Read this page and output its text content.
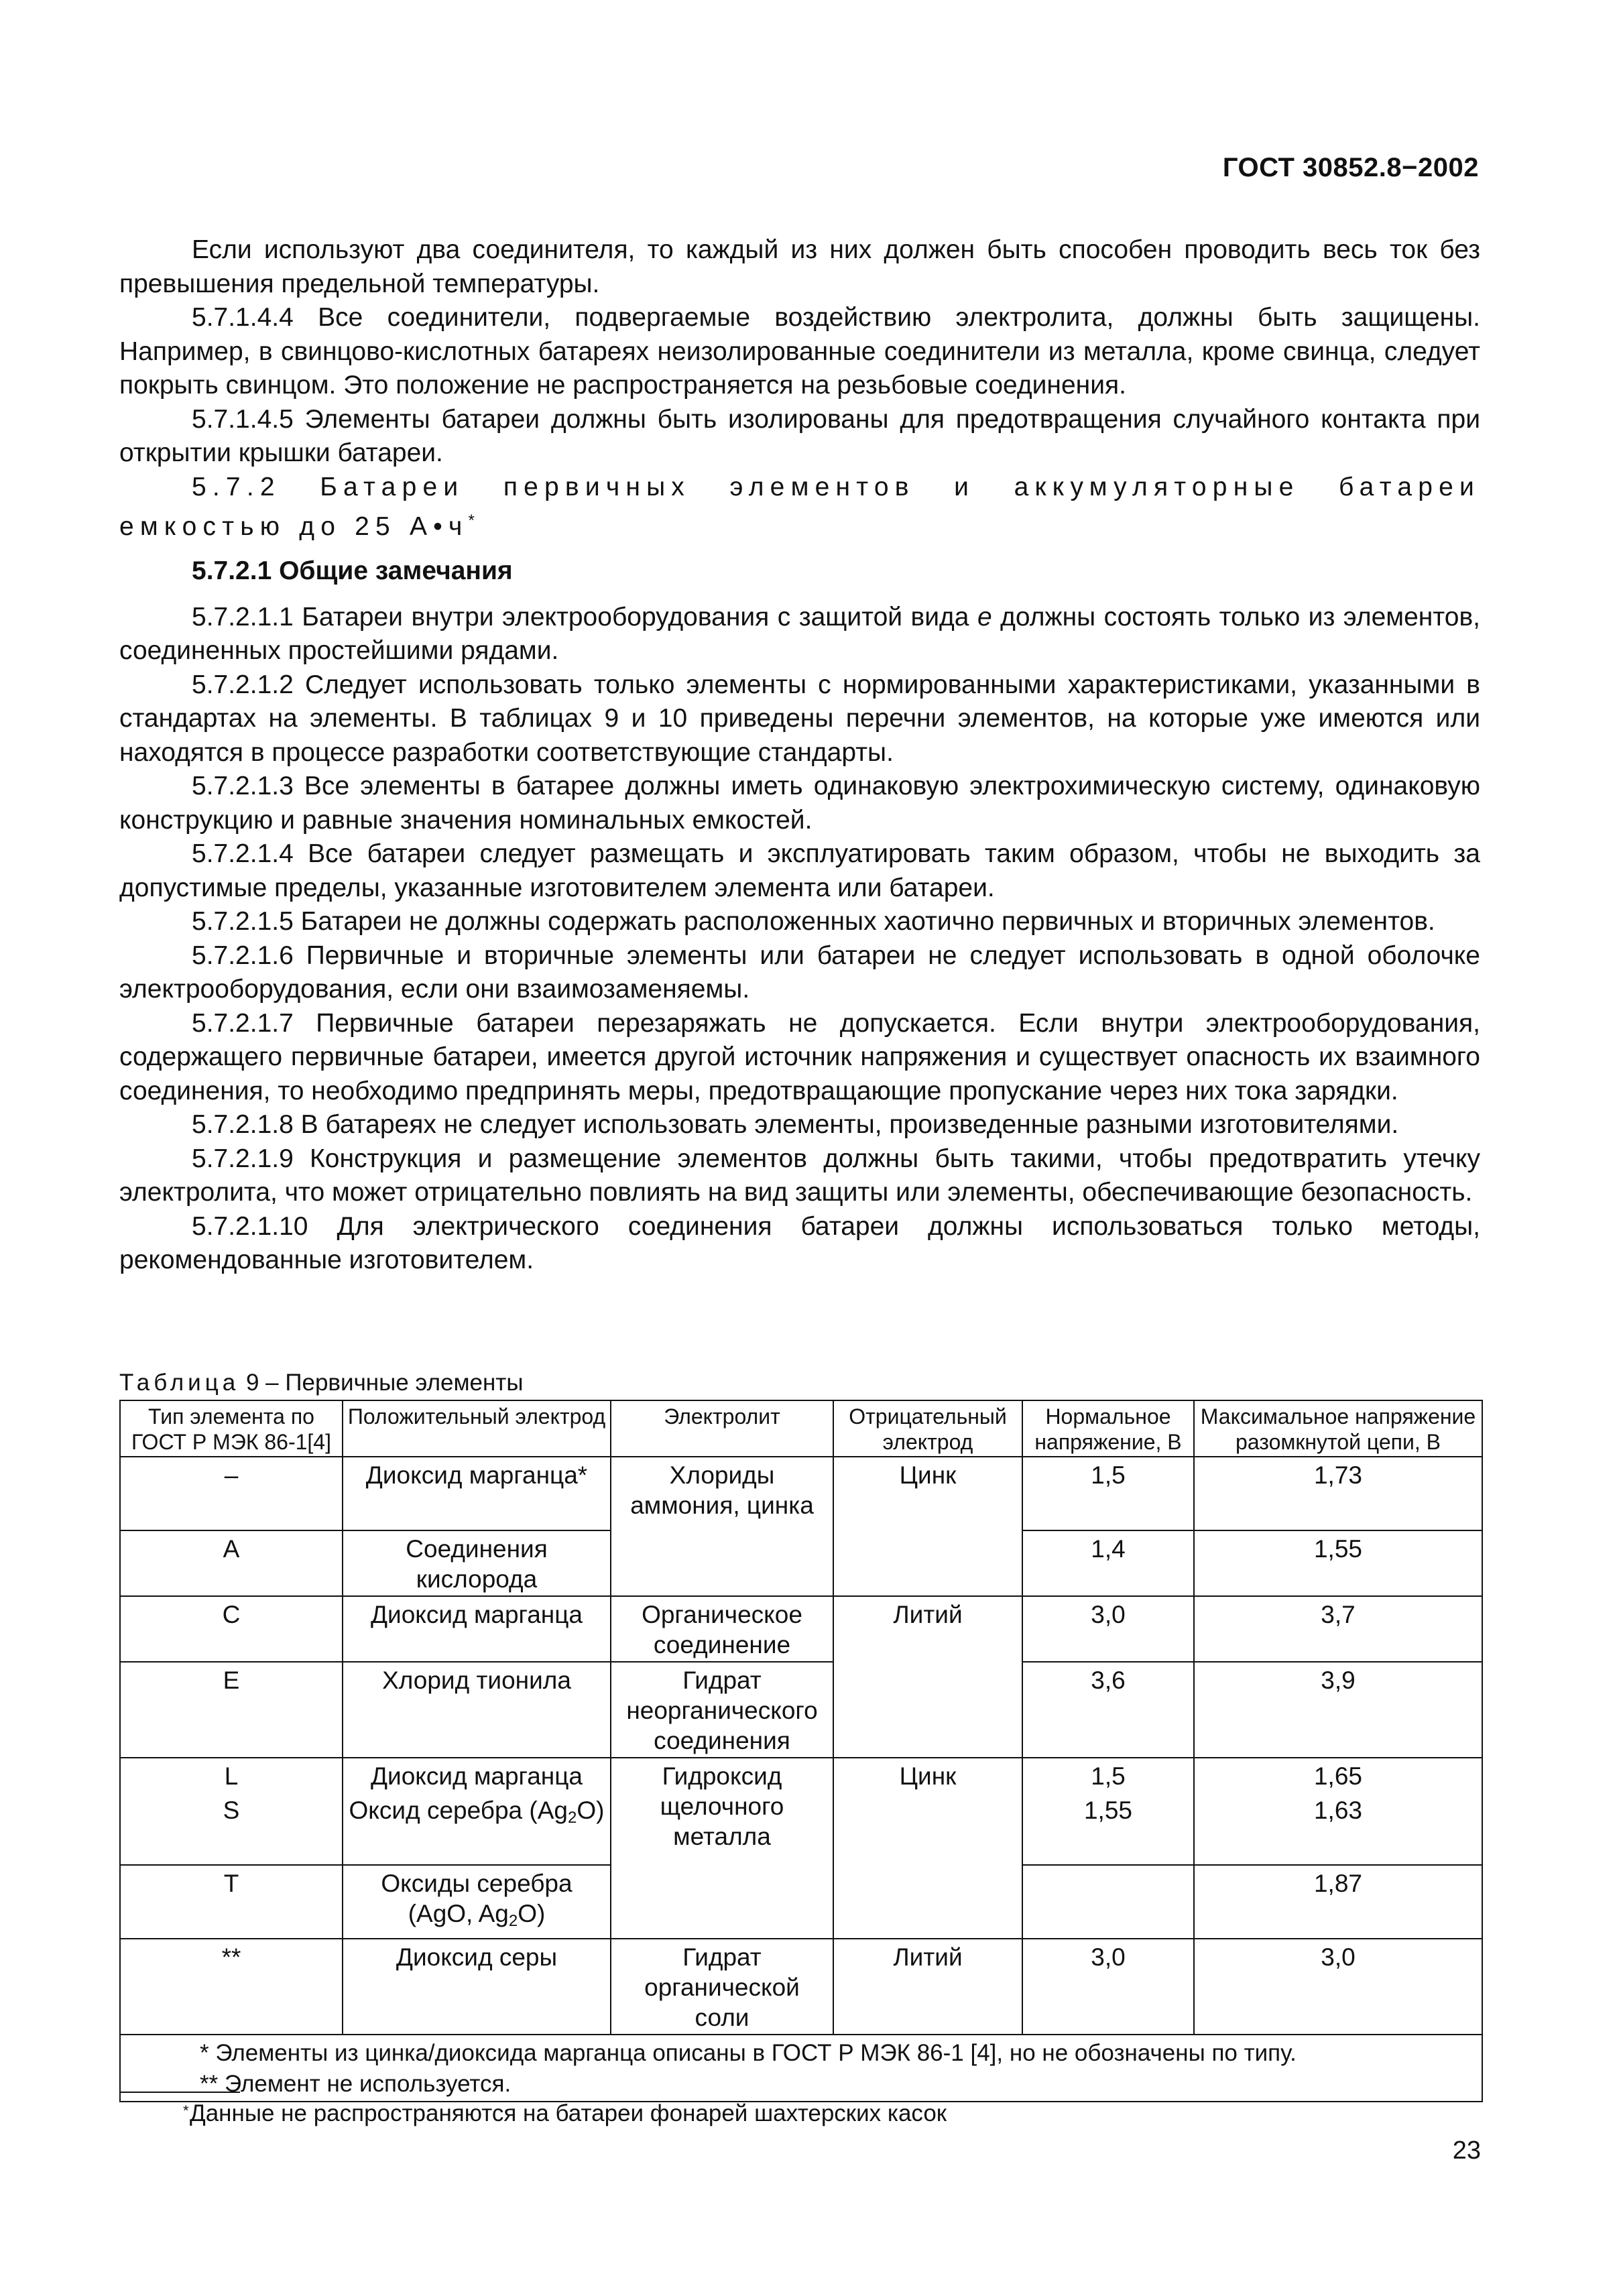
ГОСТ 30852.8−2002

Если используют два соединителя, то каждый из них должен быть способен проводить весь ток без превышения предельной температуры.

5.7.1.4.4 Все соединители, подвергаемые воздействию электролита, должны быть защищены. Например, в свинцово-кислотных батареях неизолированные соединители из металла, кроме свинца, следует покрыть свинцом. Это положение не распространяется на резьбовые соединения.

5.7.1.4.5 Элементы батареи должны быть изолированы для предотвращения случайного контакта при открытии крышки батареи.

5.7.2 Батареи первичных элементов и аккумуляторные батареи емкостью до 25 А•ч*

5.7.2.1 Общие замечания

5.7.2.1.1 Батареи внутри электрооборудования с защитой вида е должны состоять только из элементов, соединенных простейшими рядами.

5.7.2.1.2 Следует использовать только элементы с нормированными характеристиками, указанными в стандартах на элементы. В таблицах 9 и 10 приведены перечни элементов, на которые уже имеются или находятся в процессе разработки соответствующие стандарты.

5.7.2.1.3 Все элементы в батарее должны иметь одинаковую электрохимическую систему, одинаковую конструкцию и равные значения номинальных емкостей.

5.7.2.1.4 Все батареи следует размещать и эксплуатировать таким образом, чтобы не выходить за допустимые пределы, указанные изготовителем элемента или батареи.

5.7.2.1.5 Батареи не должны содержать расположенных хаотично первичных и вторичных элементов.

5.7.2.1.6 Первичные и вторичные элементы или батареи не следует использовать в одной оболочке электрооборудования, если они взаимозаменяемы.

5.7.2.1.7 Первичные батареи перезаряжать не допускается. Если внутри электрооборудования, содержащего первичные батареи, имеется другой источник напряжения и существует опасность их взаимного соединения, то необходимо предпринять меры, предотвращающие пропускание через них тока зарядки.

5.7.2.1.8 В батареях не следует использовать элементы, произведенные разными изготовителями.

5.7.2.1.9 Конструкция и размещение элементов должны быть такими, чтобы предотвратить утечку электролита, что может отрицательно повлиять на вид защиты или элементы, обеспечивающие безопасность.

5.7.2.1.10 Для электрического соединения батареи должны использоваться только методы, рекомендованные изготовителем.

Таблица 9 – Первичные элементы
Тип элемента по ГОСТ Р МЭК 86-1[4]	Положительный электрод	Электролит	Отрицательный электрод	Нормальное напряжение, В	Максимальное напряжение разомкнутой цепи, В
–	Диоксид марганца*	Хлориды аммония, цинка	Цинк	1,5	1,73
A	Соединения кислорода			1,4	1,55
C	Диоксид марганца	Органическое соединение	Литий	3,0	3,7
E	Хлорид тионила	Гидрат неорганического соединения		3,6	3,9
L	Диоксид марганца	Гидроксид щелочного металла	Цинк	1,5	1,65
S	Оксид серебра $(Ag_2O)$			1,55	1,63
T	Оксиды серебра (AgO, $Ag_2O$)				1,87
**	Диоксид серы	Гидрат органической соли	Литий	3,0	3,0

* Элементы из цинка/диоксида марганца описаны в ГОСТ Р МЭК 86-1 [4], но не обозначены по типу.
** Элемент не используется.					
* Данные не распространяются на батареи фонарей шахтерских касок
23
